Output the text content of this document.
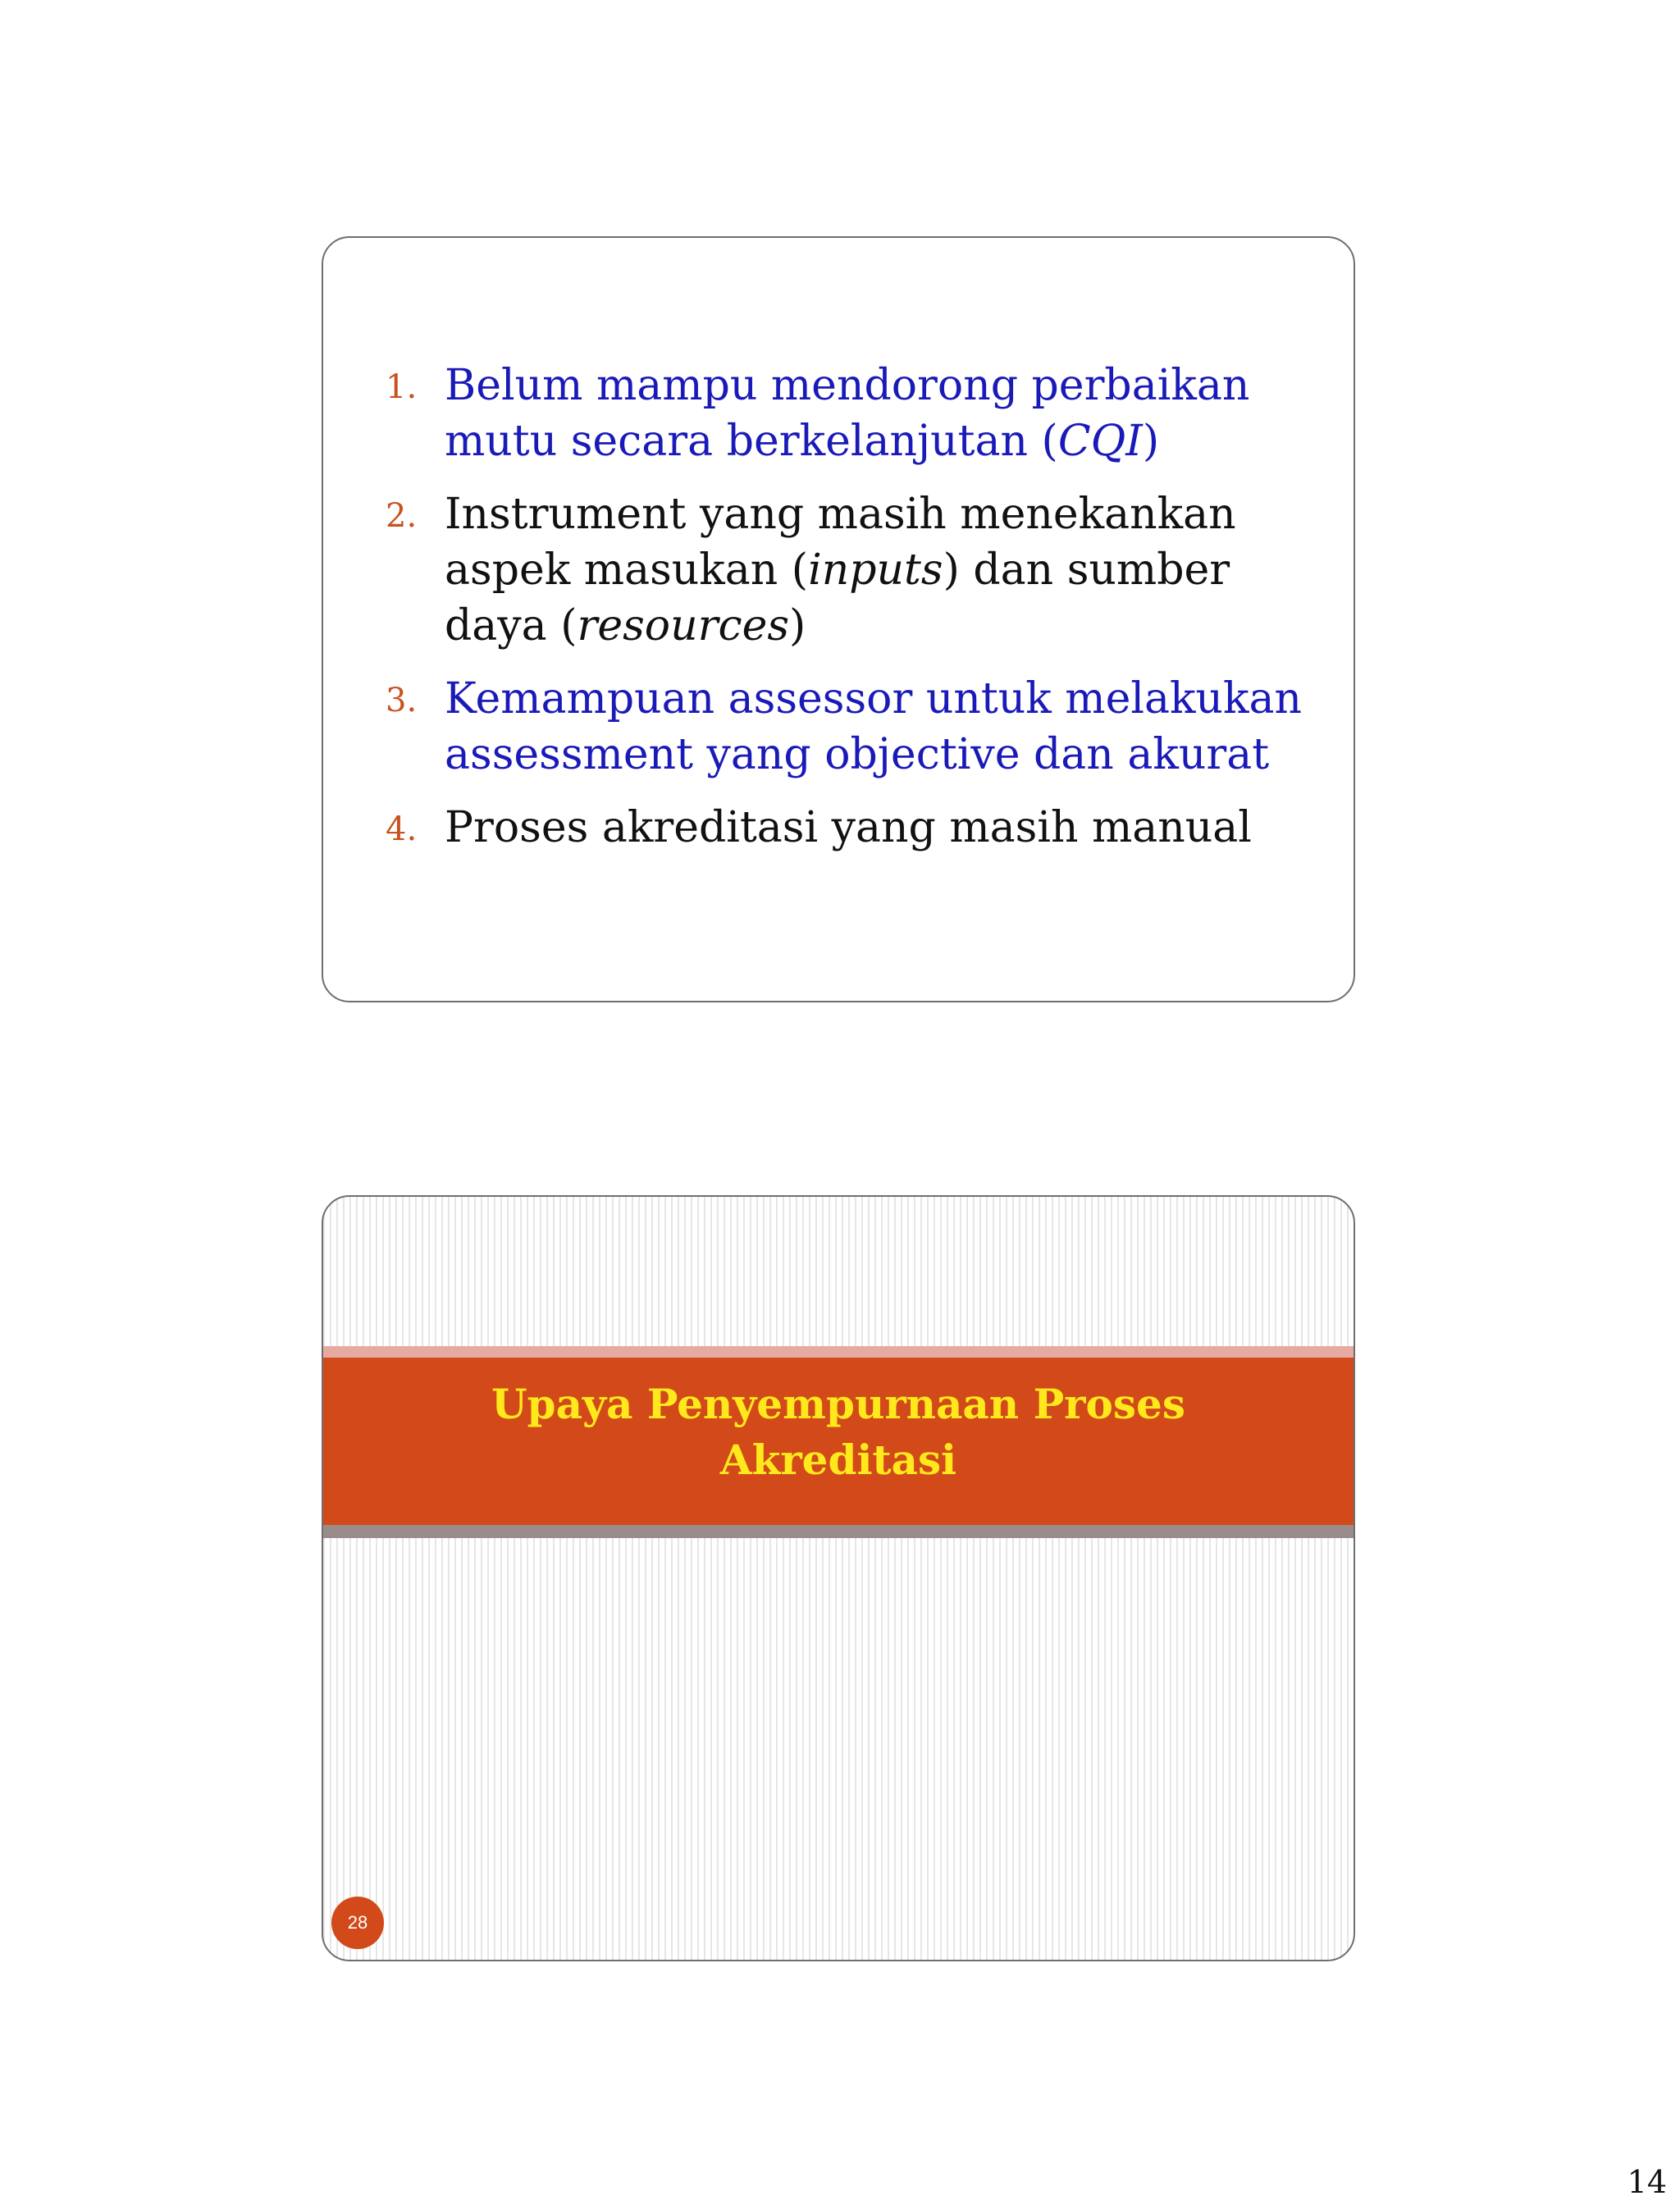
1. Belum mampu mendorong perbaikan mutu secara berkelanjutan (CQI)
2. Instrument yang masih menekankan aspek masukan (inputs) dan sumber daya (resources)
3. Kemampuan assessor untuk melakukan assessment yang objective dan akurat
4. Proses akreditasi yang masih manual
Upaya Penyempurnaan Proses Akreditasi
28
14
